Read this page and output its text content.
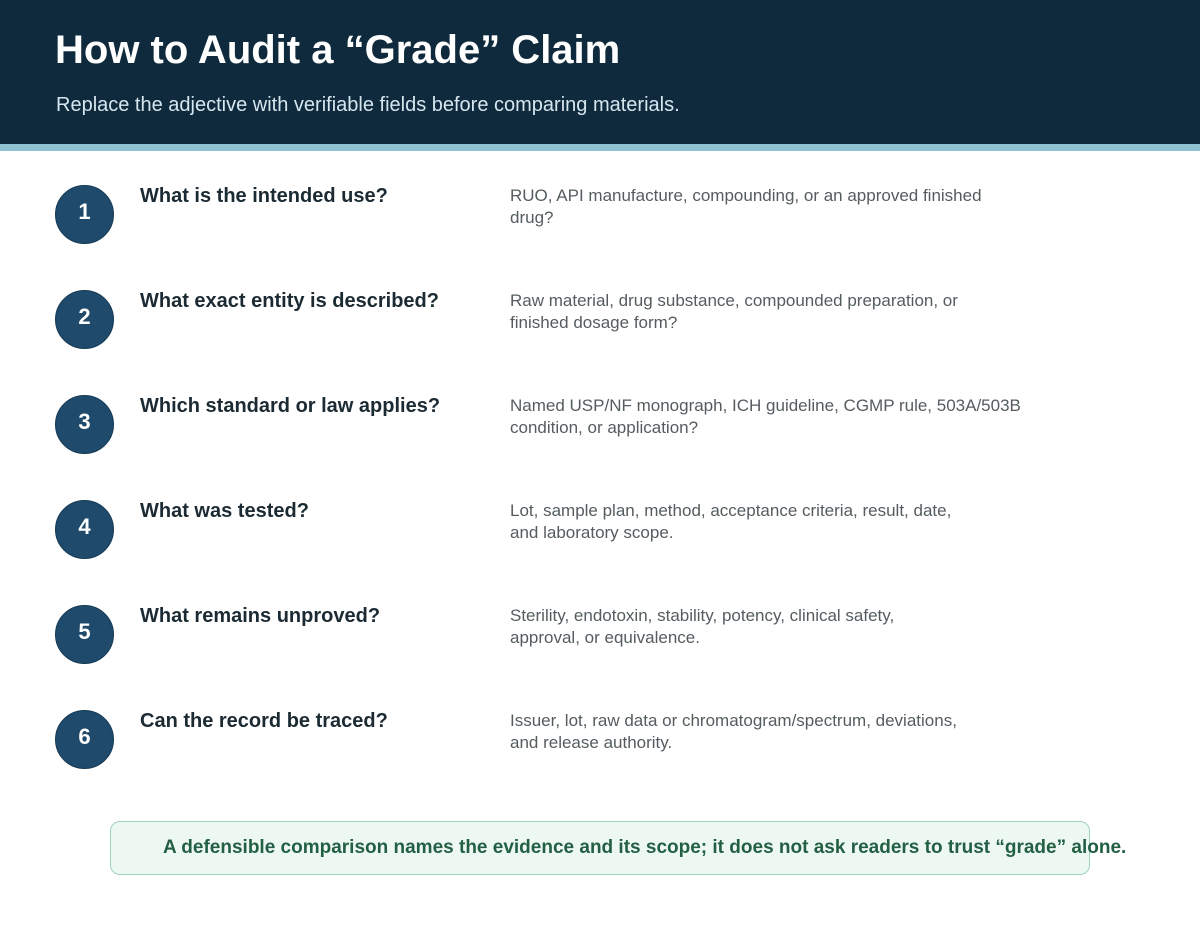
How to Audit a “Grade” Claim
Replace the adjective with verifiable fields before comparing materials.
1
What is the intended use?	RUO, API manufacture, compounding, or an approved finished
drug?
2
What exact entity is described?	Raw material, drug substance, compounded preparation, or
finished dosage form?
3
Which standard or law applies?	Named USP/NF monograph, ICH guideline, CGMP rule, 503A/503B
condition, or application?
4
What was tested?	Lot, sample plan, method, acceptance criteria, result, date,
and laboratory scope.
5
What remains unproved?	Sterility, endotoxin, stability, potency, clinical safety,
approval, or equivalence.
6
Can the record be traced?	Issuer, lot, raw data or chromatogram/spectrum, deviations,
and release authority.
A defensible comparison names the evidence and its scope; it does not ask readers to trust “grade” alone.
